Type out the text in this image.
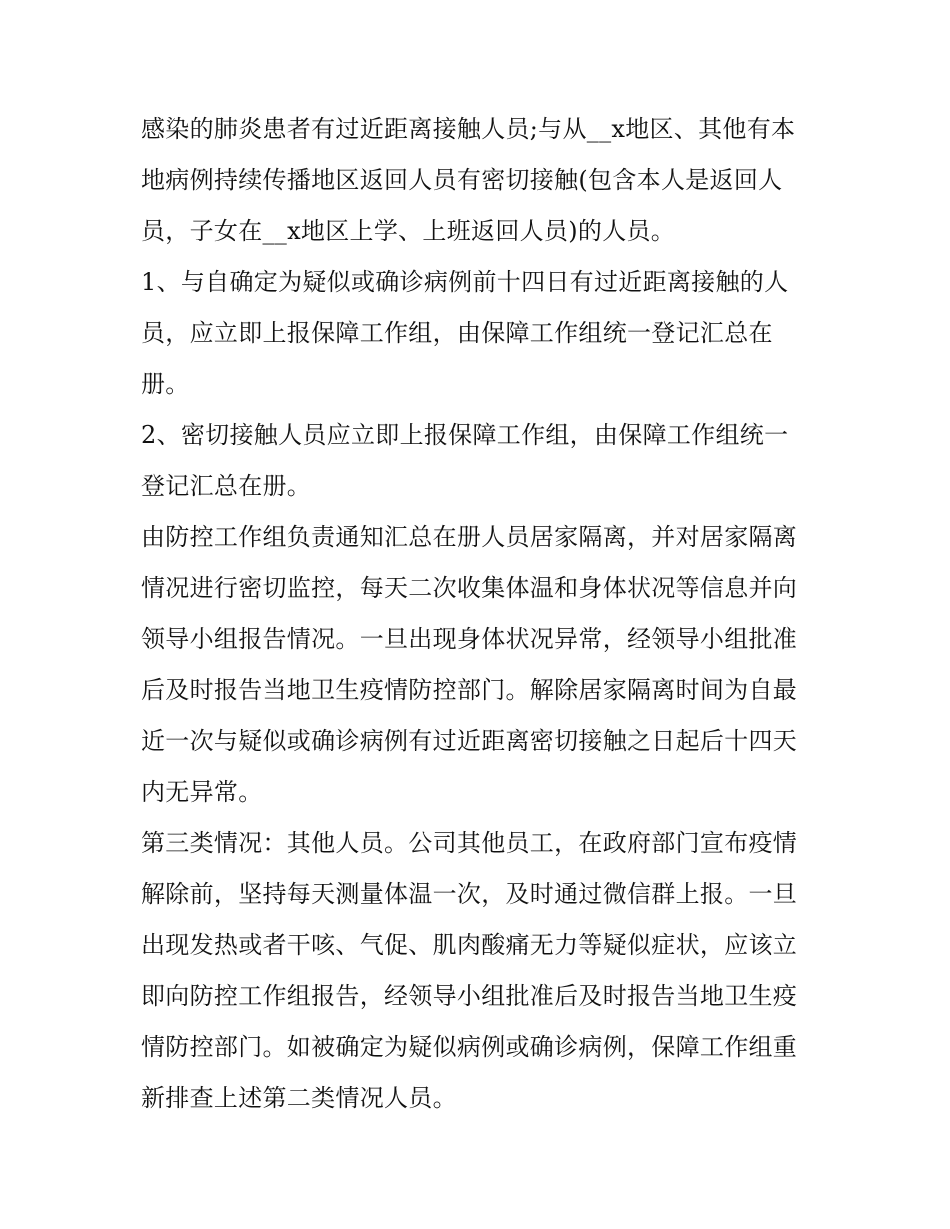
感染的肺炎患者有过近距离接触人员;与从__x地区、其他有本
地病例持续传播地区返回人员有密切接触(包含本人是返回人
员，子女在__x地区上学、上班返回人员)的人员。

1、与自确定为疑似或确诊病例前十四日有过近距离接触的人
员，应立即上报保障工作组，由保障工作组统一登记汇总在
册。

2、密切接触人员应立即上报保障工作组，由保障工作组统一
登记汇总在册。

由防控工作组负责通知汇总在册人员居家隔离，并对居家隔离
情况进行密切监控，每天二次收集体温和身体状况等信息并向
领导小组报告情况。一旦出现身体状况异常，经领导小组批准
后及时报告当地卫生疫情防控部门。解除居家隔离时间为自最
近一次与疑似或确诊病例有过近距离密切接触之日起后十四天
内无异常。

第三类情况：其他人员。公司其他员工，在政府部门宣布疫情
解除前，坚持每天测量体温一次，及时通过微信群上报。一旦
出现发热或者干咳、气促、肌肉酸痛无力等疑似症状，应该立
即向防控工作组报告，经领导小组批准后及时报告当地卫生疫
情防控部门。如被确定为疑似病例或确诊病例，保障工作组重
新排查上述第二类情况人员。
